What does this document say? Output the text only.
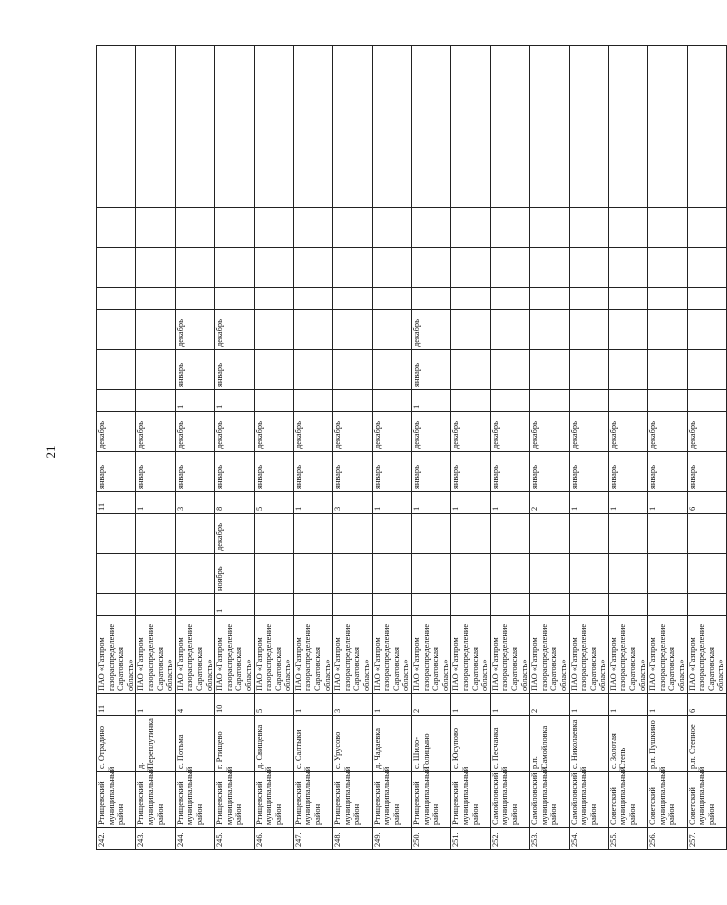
21
242.	Ртищевский муниципальный район	с. Отрадино	11	ПАО «Газпром газораспределение Саратовская область»				11	январь	декабрь							
243.	Ртищевский муниципальный район	д. Переплутинка	1	ПАО «Газпром газораспределение Саратовская область»				1	январь	декабрь							
244.	Ртищевский муниципальный район	с. Потьма	4	ПАО «Газпром газораспределение Саратовская область»				3	январь	декабрь	1	январь	декабрь				
245.	Ртищевский муниципальный район	г. Ртищево	10	ПАО «Газпром газораспределение Саратовская область»	1	ноябрь	декабрь	8	январь	декабрь	1	январь	декабрь				
246.	Ртищевский муниципальный район	д. Свищевка	5	ПАО «Газпром газораспределение Саратовская область»				5	январь	декабрь							
247.	Ртищевский муниципальный район	с. Салтыки	1	ПАО «Газпром газораспределение Саратовская область»				1	январь	декабрь							
248.	Ртищевский муниципальный район	с. Урусово	3	ПАО «Газпром газораспределение Саратовская область»				3	январь	декабрь							
249.	Ртищевский муниципальный район	д. Чадаевка	1	ПАО «Газпром газораспределение Саратовская область»				1	январь	декабрь							
250.	Ртищевский муниципальный район	с. Шило-Голицыно	2	ПАО «Газпром газораспределение Саратовская область»				1	январь	декабрь	1	январь	декабрь				
251.	Ртищевский муниципальный район	с. Юсупово	1	ПАО «Газпром газораспределение Саратовская область»				1	январь	декабрь							
252.	Самойловский муниципальный район	с. Песчанка	1	ПАО «Газпром газораспределение Саратовская область»				1	январь	декабрь							
253.	Самойловский муниципальный район	р.п. Самойловка	2	ПАО «Газпром газораспределение Саратовская область»				2	январь	декабрь							
254.	Самойловский муниципальный район	с. Николаевка	1	ПАО «Газпром газораспределение Саратовская область»				1	январь	декабрь							
255.	Советский муниципальный район	с. Золотая Степь	1	ПАО «Газпром газораспределение Саратовская область»				1	январь	декабрь							
256.	Советский муниципальный район	р.п. Пушкино	1	ПАО «Газпром газораспределение Саратовская область»				1	январь	декабрь							
257.	Советский муниципальный район	р.п. Степное	6	ПАО «Газпром газораспределение Саратовская область»				6	январь	декабрь							
